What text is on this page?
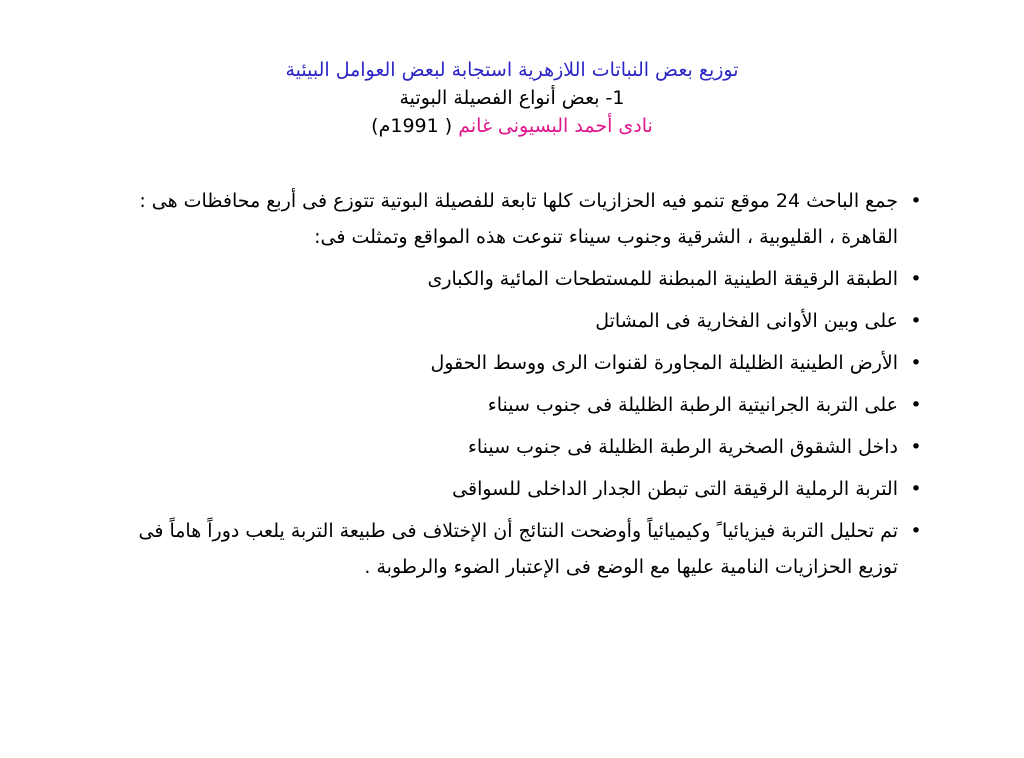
توزيع بعض النباتات اللازهرية استجابة لبعض العوامل البيئية
1- بعض أنواع الفصيلة البوتية
نادى أحمد البسيونى غانم ( 1991م)
•
جمع الباحث 24 موقع تنمو فيه الحزازيات كلها تابعة للفصيلة البوتية تتوزع فى أربع محافظات هى : القاهرة ، القليوبية ، الشرقية وجنوب سيناء تنوعت هذه المواقع وتمثلت فى:
•
الطبقة الرقيقة الطينية المبطنة للمستطحات المائية والكبارى
•
على وبين الأوانى الفخارية فى المشاتل
•
الأرض الطينية الظليلة المجاورة لقنوات الرى ووسط الحقول
•
على التربة الجرانيتية الرطبة الظليلة فى جنوب سيناء
•
داخل الشقوق الصخرية الرطبة الظليلة فى جنوب سيناء
•
التربة الرملية الرقيقة التى تبطن الجدار الداخلى للسواقى
•
تم تحليل التربة فيزيائيا ً وكيميائياً وأوضحت النتائج أن الإختلاف فى طبيعة التربة يلعب دوراً هاماً فى توزيع الحزازيات النامية عليها مع الوضع فى الإعتبار الضوء والرطوبة .
